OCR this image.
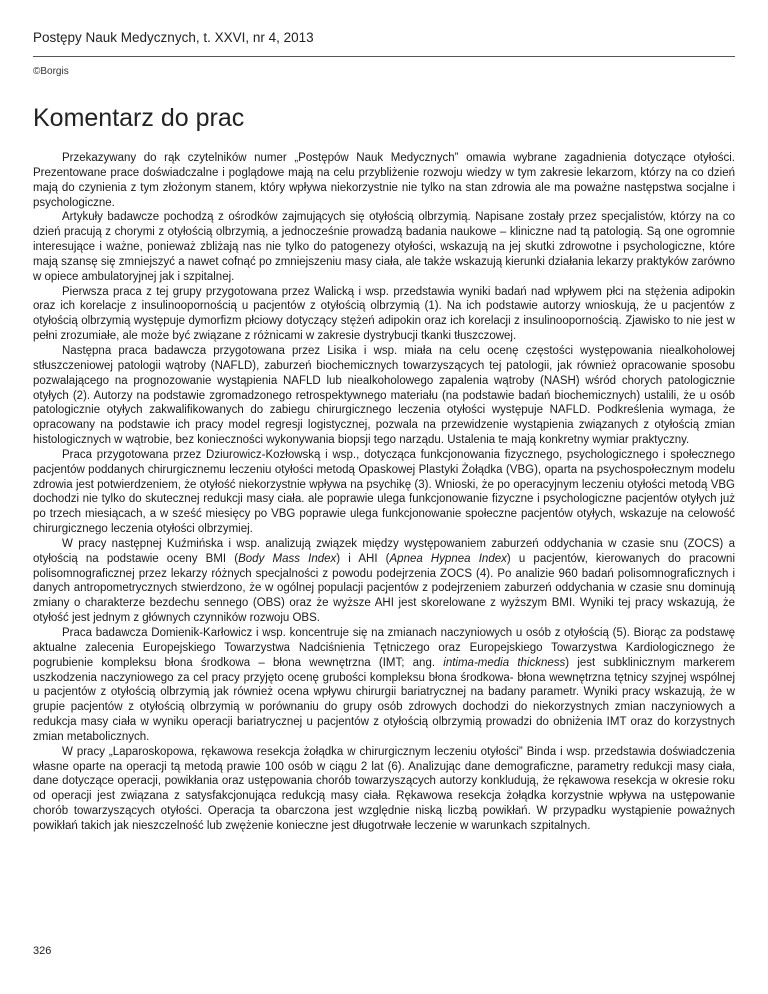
Postępy Nauk Medycznych, t. XXVI, nr 4, 2013
©Borgis
Komentarz do prac

Przekazywany do rąk czytelników numer „Postępów Nauk Medycznych” omawia wybrane zagadnienia dotyczące otyłości. Prezentowane prace doświadczalne i poglądowe mają na celu przybliżenie rozwoju wiedzy w tym zakresie lekarzom, którzy na co dzień mają do czynienia z tym złożonym stanem, który wpływa niekorzystnie nie tylko na stan zdrowia ale ma poważne następstwa socjalne i psychologiczne.

Artykuły badawcze pochodzą z ośrodków zajmujących się otyłością olbrzymią. Napisane zostały przez specjalistów, którzy na co dzień pracują z chorymi z otyłością olbrzymią, a jednocześnie prowadzą badania naukowe – kliniczne nad tą patologią. Są one ogromnie interesujące i ważne, ponieważ zbliżają nas nie tylko do patogenezy otyłości, wskazują na jej skutki zdrowotne i psychologiczne, które mają szansę się zmniejszyć a nawet cofnąć po zmniejszeniu masy ciała, ale także wskazują kierunki działania lekarzy praktyków zarówno w opiece ambulatoryjnej jak i szpitalnej.

Pierwsza praca z tej grupy przygotowana przez Walicką i wsp. przedstawia wyniki badań nad wpływem płci na stężenia adipokin oraz ich korelacje z insulinoopornością u pacjentów z otyłością olbrzymią (1). Na ich podstawie autorzy wnioskują, że u pacjentów z otyłością olbrzymią występuje dymorfizm płciowy dotyczący stężeń adipokin oraz ich korelacji z insulinoopornością. Zjawisko to nie jest w pełni zrozumiałe, ale może być związane z różnicami w zakresie dystrybucji tkanki tłuszczowej.

Następna praca badawcza przygotowana przez Lisika i wsp. miała na celu ocenę częstości występowania niealkoholowej stłuszczeniowej patologii wątroby (NAFLD), zaburzeń biochemicznych towarzyszących tej patologii, jak również opracowanie sposobu pozwalającego na prognozowanie wystąpienia NAFLD lub niealkoholowego zapalenia wątroby (NASH) wśród chorych patologicznie otyłych (2). Autorzy na podstawie zgromadzonego retrospektywnego materiału (na podstawie badań biochemicznych) ustalili, że u osób patologicznie otyłych zakwalifikowanych do zabiegu chirurgicznego leczenia otyłości występuje NAFLD. Podkreślenia wymaga, że opracowany na podstawie ich pracy model regresji logistycznej, pozwala na przewidzenie wystąpienia związanych z otyłością zmian histologicznych w wątrobie, bez konieczności wykonywania biopsji tego narządu. Ustalenia te mają konkretny wymiar praktyczny.

Praca przygotowana przez Dziurowicz-Kozłowską i wsp., dotycząca funkcjonowania fizycznego, psychologicznego i społecznego pacjentów poddanych chirurgicznemu leczeniu otyłości metodą Opaskowej Plastyki Żołądka (VBG), oparta na psychospołecznym modelu zdrowia jest potwierdzeniem, że otyłość niekorzystnie wpływa na psychikę (3). Wnioski, że po operacyjnym leczeniu otyłości metodą VBG dochodzi nie tylko do skutecznej redukcji masy ciała. ale poprawie ulega funkcjonowanie fizyczne i psychologiczne pacjentów otyłych już po trzech miesiącach, a w sześć miesięcy po VBG poprawie ulega funkcjonowanie społeczne pacjentów otyłych, wskazuje na celowość chirurgicznego leczenia otyłości olbrzymiej.

W pracy następnej Kuźmińska i wsp. analizują związek między występowaniem zaburzeń oddychania w czasie snu (ZOCS) a otyłością na podstawie oceny BMI (Body Mass Index) i AHI (Apnea Hypnea Index) u pacjentów, kierowanych do pracowni polisomnograficznej przez lekarzy różnych specjalności z powodu podejrzenia ZOCS (4). Po analizie 960 badań polisomnograficznych i danych antropometrycznych stwierdzono, że w ogólnej populacji pacjentów z podejrzeniem zaburzeń oddychania w czasie snu dominują zmiany o charakterze bezdechu sennego (OBS) oraz że wyższe AHI jest skorelowane z wyższym BMI. Wyniki tej pracy wskazują, że otyłość jest jednym z głównych czynników rozwoju OBS.

Praca badawcza Domienik-Karłowicz i wsp. koncentruje się na zmianach naczyniowych u osób z otyłością (5). Biorąc za podstawę aktualne zalecenia Europejskiego Towarzystwa Nadciśnienia Tętniczego oraz Europejskiego Towarzystwa Kardiologicznego że pogrubienie kompleksu błona środkowa – błona wewnętrzna (IMT; ang. intima-media thickness) jest subklinicznym markerem uszkodzenia naczyniowego za cel pracy przyjęto ocenę grubości kompleksu błona środkowa- błona wewnętrzna tętnicy szyjnej wspólnej u pacjentów z otyłością olbrzymią jak również ocena wpływu chirurgii bariatrycznej na badany parametr. Wyniki pracy wskazują, że w grupie pacjentów z otyłością olbrzymią w porównaniu do grupy osób zdrowych dochodzi do niekorzystnych zmian naczyniowych a redukcja masy ciała w wyniku operacji bariatrycznej u pacjentów z otyłością olbrzymią prowadzi do obniżenia IMT oraz do korzystnych zmian metabolicznych.

W pracy „Laparoskopowa, rękawowa resekcja żołądka w chirurgicznym leczeniu otyłości” Binda i wsp. przedstawia doświadczenia własne oparte na operacji tą metodą prawie 100 osób w ciągu 2 lat (6). Analizując dane demograficzne, parametry redukcji masy ciała, dane dotyczące operacji, powikłania oraz ustępowania chorób towarzyszących autorzy konkludują, że rękawowa resekcja w okresie roku od operacji jest związana z satysfakcjonująca redukcją masy ciała. Rękawowa resekcja żołądka korzystnie wpływa na ustępowanie chorób towarzyszących otyłości. Operacja ta obarczona jest względnie niską liczbą powikłań. W przypadku wystąpienie poważnych powikłań takich jak nieszczelność lub zwężenie konieczne jest długotrwałe leczenie w warunkach szpitalnych.

326
